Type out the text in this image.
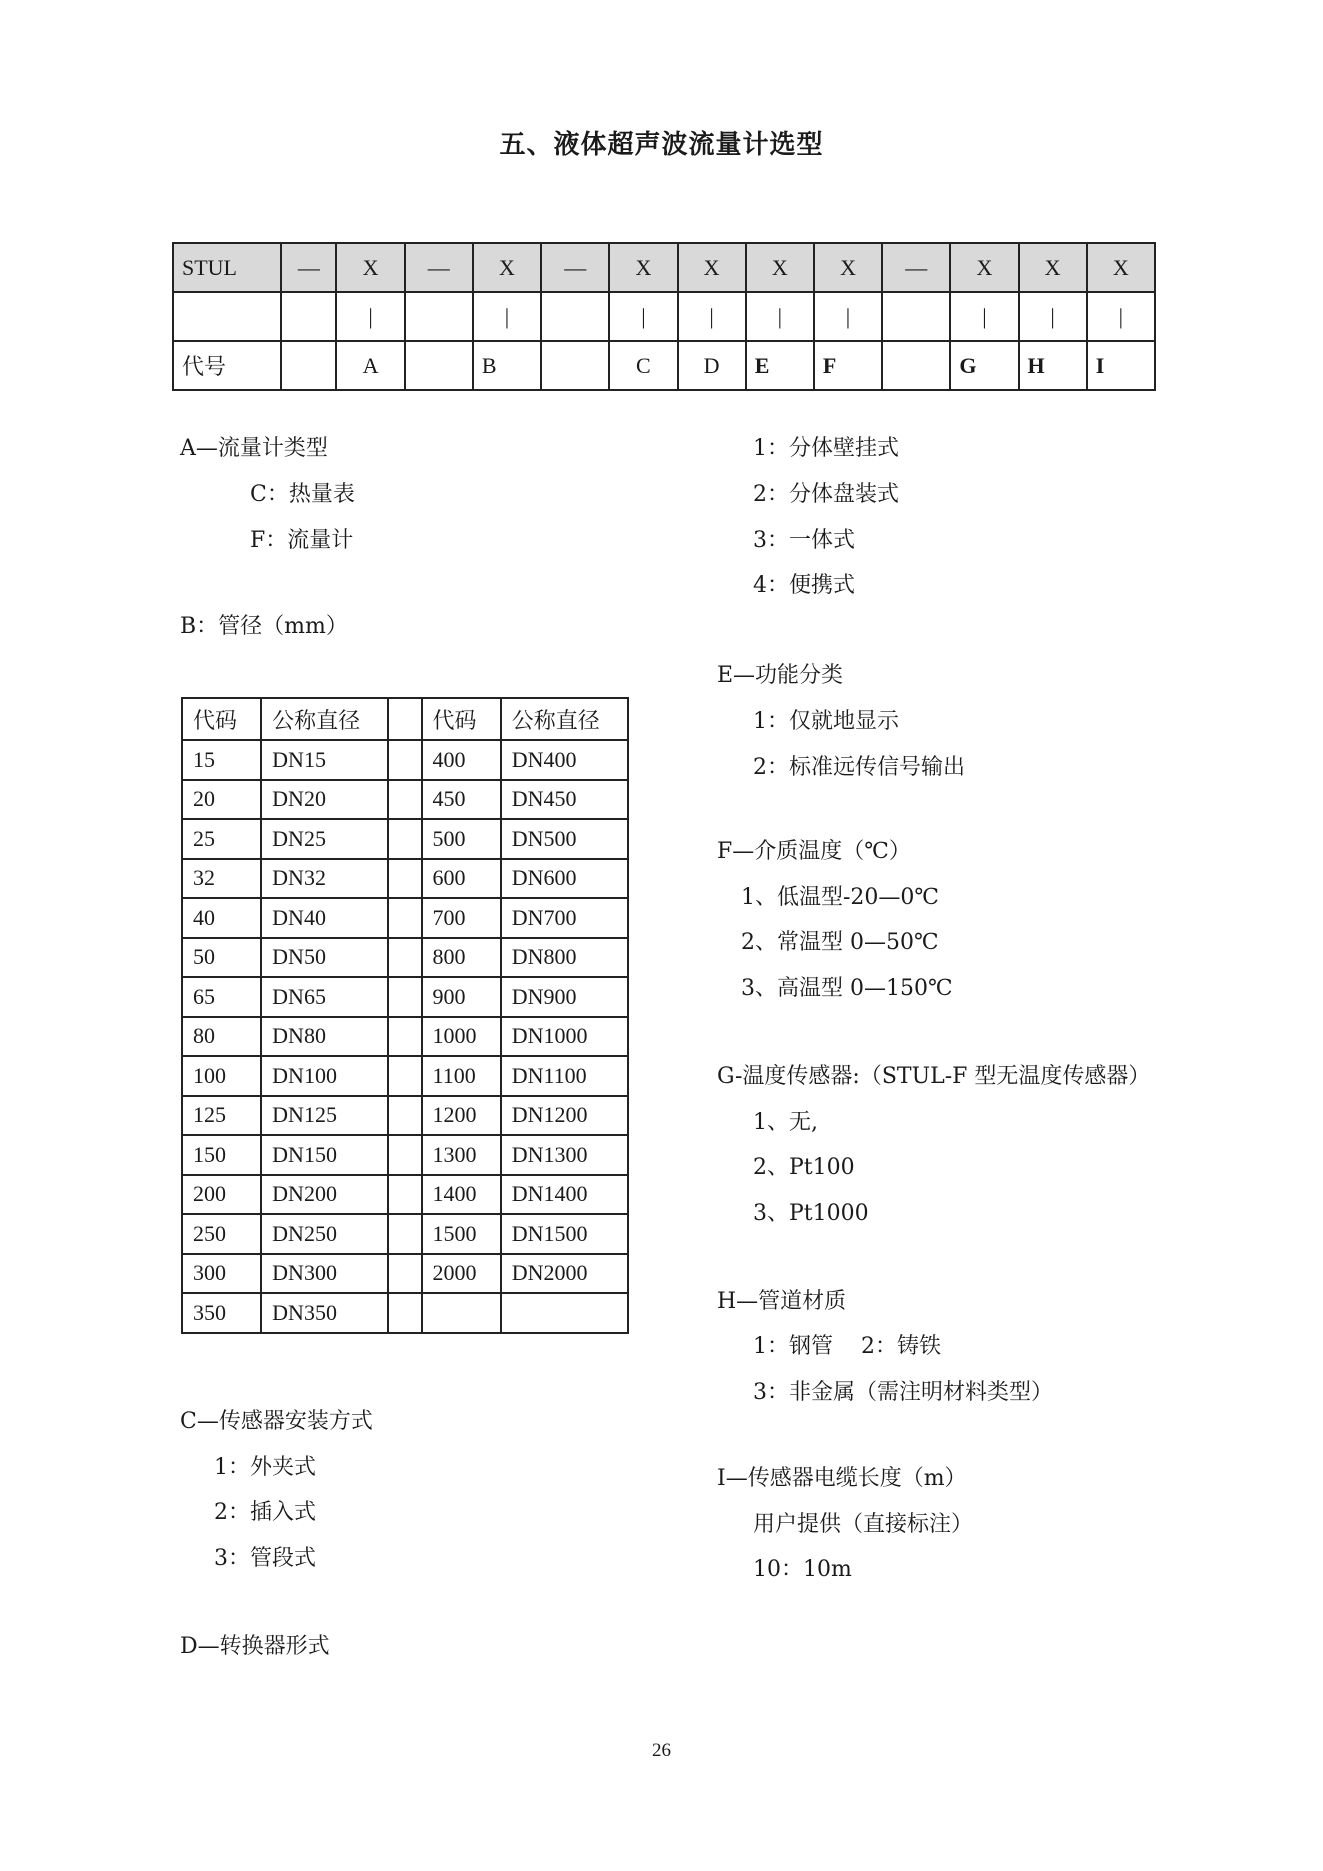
五、液体超声波流量计选型
STUL	—	X	—	X	—	X	X	X	X	—	X	X	X
		|		|		|	|	|	|		|	|	|
代号		A		B		C	D	E	F		G	H	I
A—流量计类型
C：热量表
F：流量计
B：管径（mm）
代码	公称直径		代码	公称直径
15	DN15		400	DN400
20	DN20		450	DN450
25	DN25		500	DN500
32	DN32		600	DN600
40	DN40		700	DN700
50	DN50		800	DN800
65	DN65		900	DN900
80	DN80		1000	DN1000
100	DN100		1100	DN1100
125	DN125		1200	DN1200
150	DN150		1300	DN1300
200	DN200		1400	DN1400
250	DN250		1500	DN1500
300	DN300		2000	DN2000
350	DN350			
C—传感器安装方式
1：外夹式
2：插入式
3：管段式
D—转换器形式
1：分体壁挂式
2：分体盘装式
3：一体式
4：便携式
E—功能分类
1：仅就地显示
2：标准远传信号输出
F—介质温度（℃）
1、低温型-20—0℃
2、常温型 0—50℃
3、高温型 0—150℃
G-温度传感器:（STUL-F 型无温度传感器）
1、无,
2、Pt100
3、Pt1000
H—管道材质
1：钢管    2：铸铁
3：非金属（需注明材料类型）
I—传感器电缆长度（m）
用户提供（直接标注）
10：10m
26
